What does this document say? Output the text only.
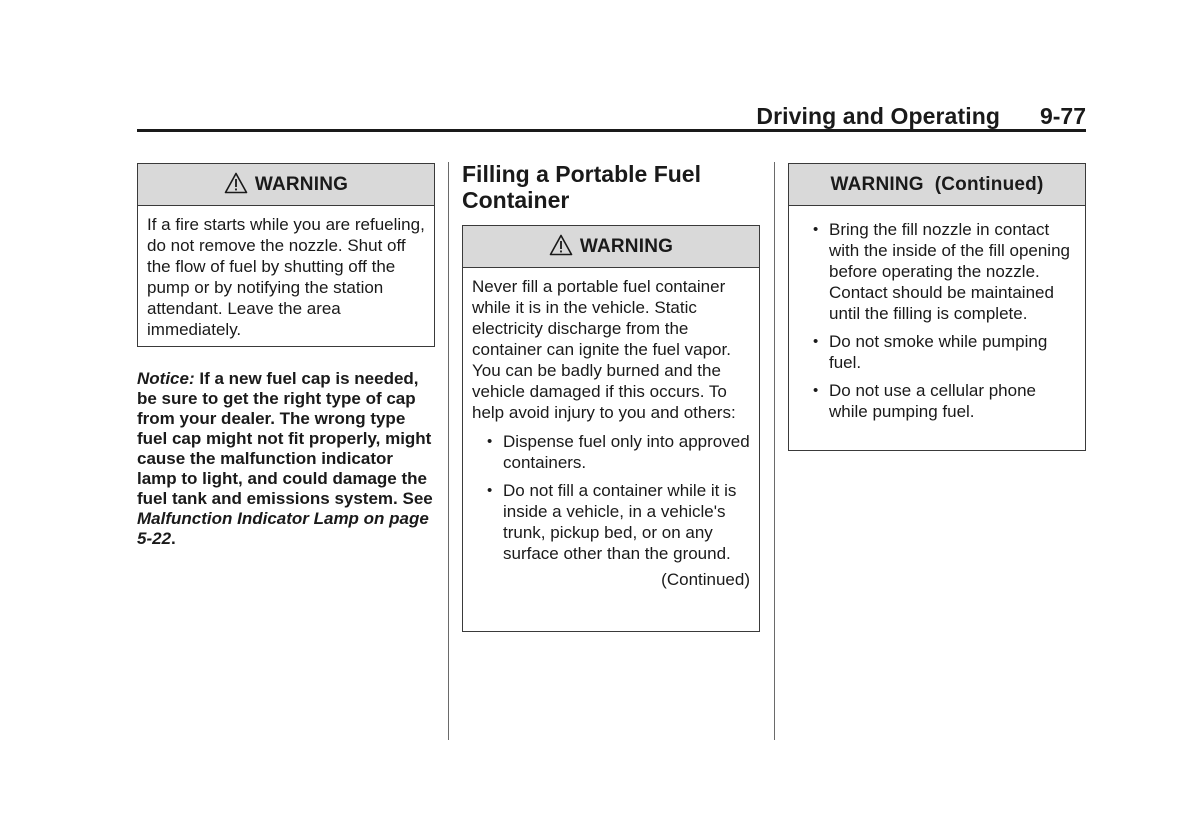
Driving and Operating 9-77
WARNING

If a fire starts while you are refueling, do not remove the nozzle. Shut off the flow of fuel by shutting off the pump or by notifying the station attendant. Leave the area immediately.

Notice: If a new fuel cap is needed, be sure to get the right type of cap from your dealer. The wrong type fuel cap might not fit properly, might cause the malfunction indicator lamp to light, and could damage the fuel tank and emissions system. See Malfunction Indicator Lamp on page 5-22.
Filling a Portable Fuel Container
WARNING

Never fill a portable fuel container while it is in the vehicle. Static electricity discharge from the container can ignite the fuel vapor. You can be badly burned and the vehicle damaged if this occurs. To help avoid injury to you and others:

• Dispense fuel only into approved containers.
• Do not fill a container while it is inside a vehicle, in a vehicle's trunk, pickup bed, or on any surface other than the ground.
(Continued)
WARNING  (Continued)
• Bring the fill nozzle in contact with the inside of the fill opening before operating the nozzle. Contact should be maintained until the filling is complete.
• Do not smoke while pumping fuel.
• Do not use a cellular phone while pumping fuel.
